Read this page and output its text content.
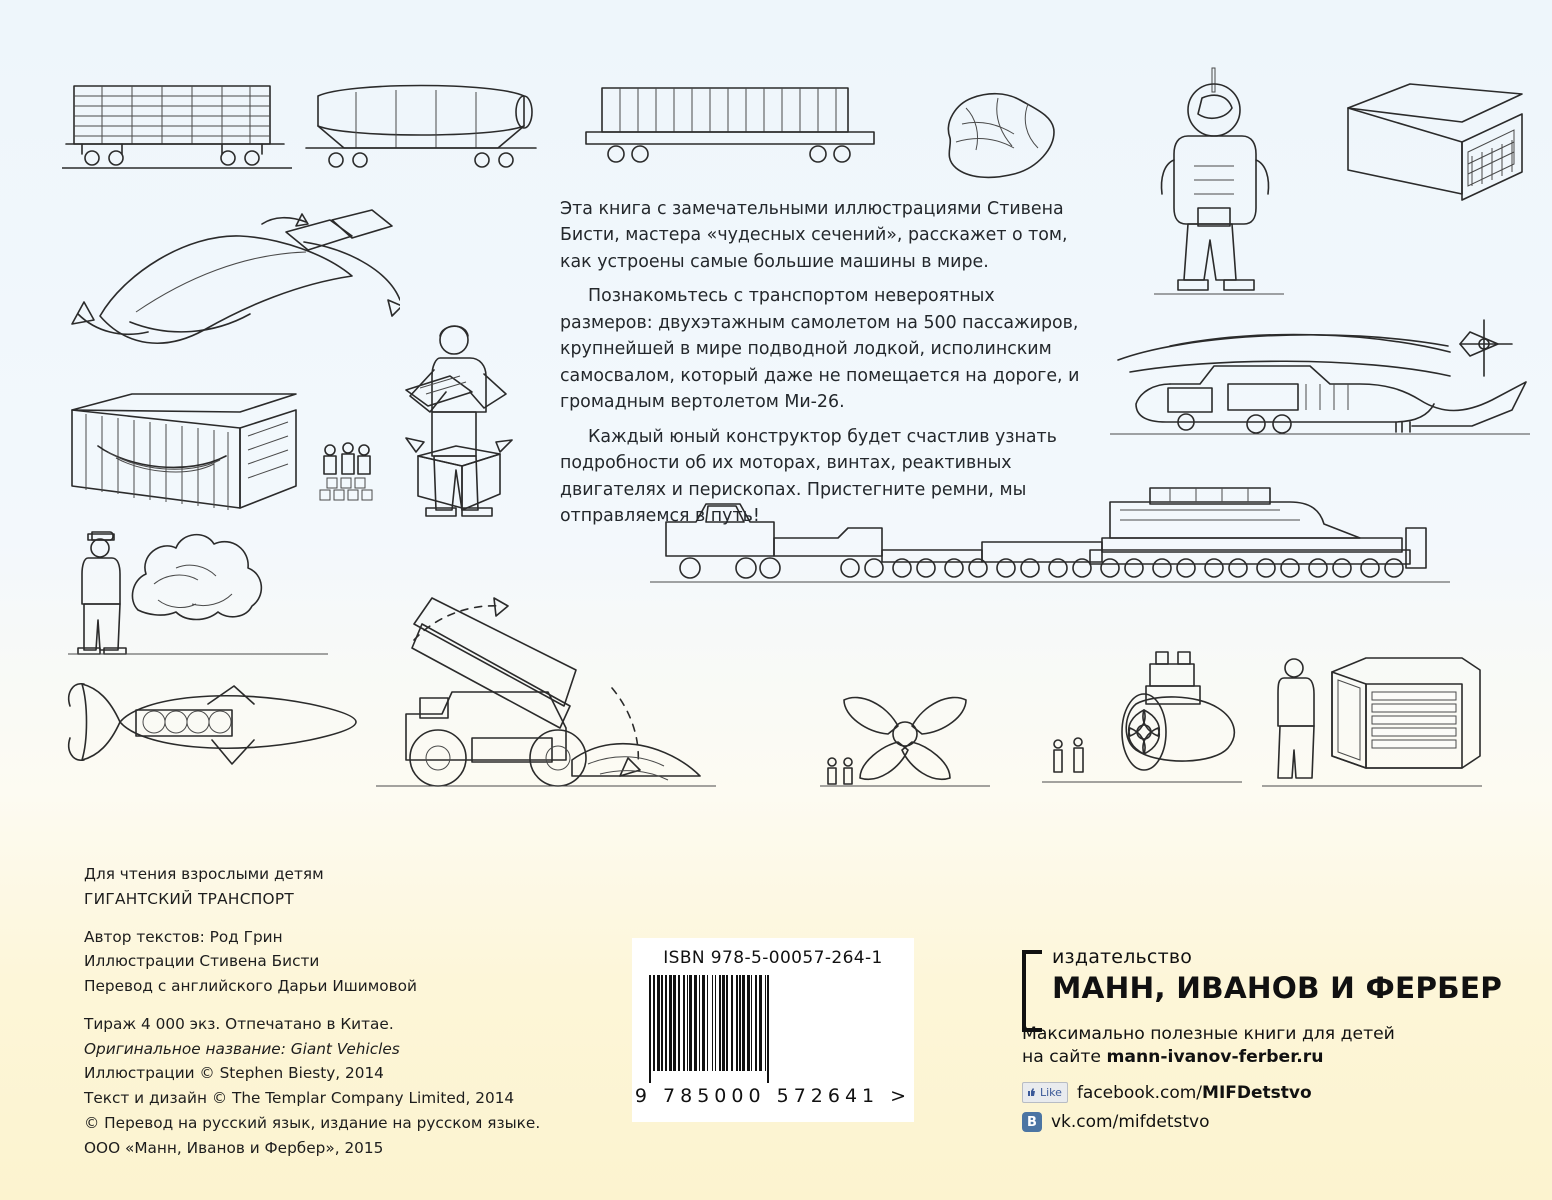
Эта книга с замечательными иллюстрациями Стивена Бисти, мастера «чудесных сечений», расскажет о том, как устроены самые большие машины в мире.

Познакомьтесь с транспортом невероятных размеров: двухэтажным самолетом на 500 пассажиров, крупнейшей в мире подводной лодкой, исполинским самосвалом, который даже не помещается на дороге, и громадным вертолетом Ми-26.

Каждый юный конструктор будет счастлив узнать подробности об их моторах, винтах, реактивных двигателях и перископах. Пристегните ремни, мы отправляемся в путь!

Для чтения взрослыми детям
ГИГАНТСКИЙ ТРАНСПОРТ
Автор текстов: Род Грин
Иллюстрации Стивена Бисти
Перевод с английского Дарьи Ишимовой
Тираж 4 000 экз. Отпечатано в Китае.
Оригинальное название: Giant Vehicles
Иллюстрации © Stephen Biesty, 2014
Текст и дизайн © The Templar Company Limited, 2014
© Перевод на русский язык, издание на русском языке.
ООО «Манн, Иванов и Фербер», 2015
ISBN 978-5-00057-264-1
9 785000 572641 >
издательство
МАНН, ИВАНОВ И ФЕРБЕР
Максимально полезные книги для детей
на сайте mann-ivanov-ferber.ru
Like facebook.com/MIFDetstvo
В vk.com/mifdetstvo
